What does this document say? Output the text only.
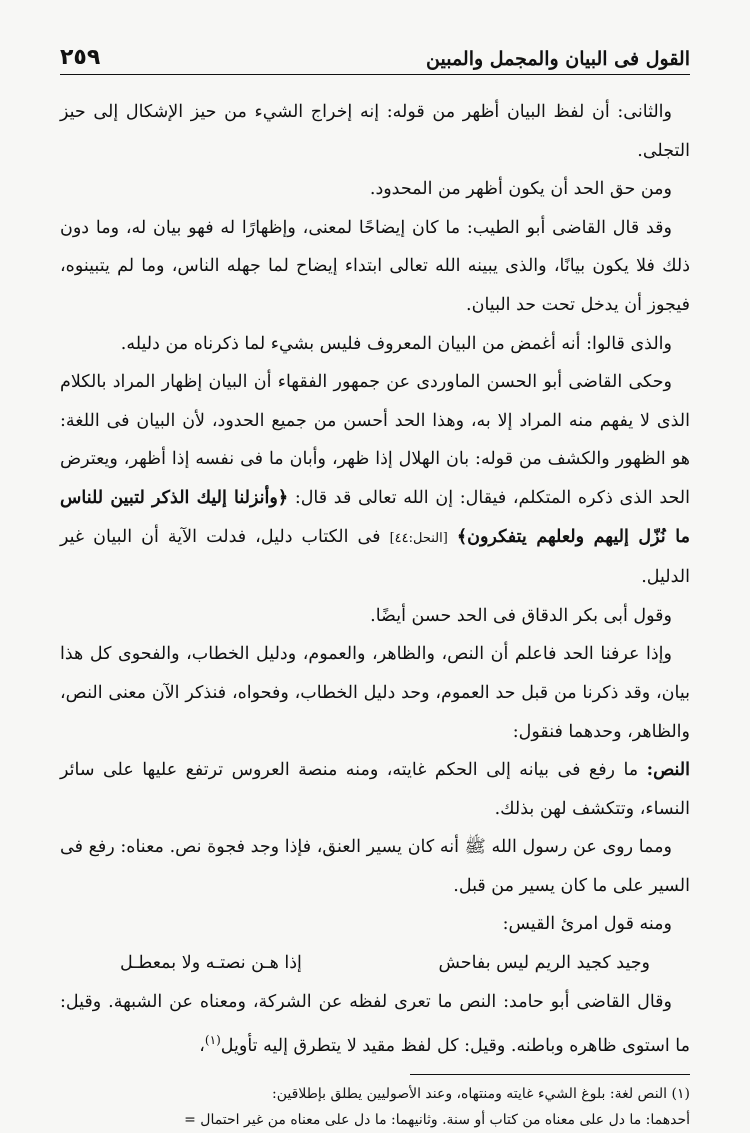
القول فى البيان والمجمل والمبين
٢٥٩

والثانى: أن لفظ البيان أظهر من قوله: إنه إخراج الشيء من حيز الإشكال إلى حيز التجلى.

ومن حق الحد أن يكون أظهر من المحدود.

وقد قال القاضى أبو الطيب: ما كان إيضاحًا لمعنى، وإظهارًا له فهو بيان له، وما دون ذلك فلا يكون بيانًا، والذى يبينه الله تعالى ابتداء إيضاح لما جهله الناس، وما لم يتبينوه، فيجوز أن يدخل تحت حد البيان.

والذى قالوا: أنه أغمض من البيان المعروف فليس بشيء لما ذكرناه من دليله.

وحكى القاضى أبو الحسن الماوردى عن جمهور الفقهاء أن البيان إظهار المراد بالكلام الذى لا يفهم منه المراد إلا به، وهذا الحد أحسن من جميع الحدود، لأن البيان فى اللغة: هو الظهور والكشف من قوله: بان الهلال إذا ظهر، وأبان ما فى نفسه إذا أظهر، ويعترض الحد الذى ذكره المتكلم، فيقال: إن الله تعالى قد قال: ﴿وأنزلنا إليك الذكر لتبين للناس ما نُزّل إليهم ولعلهم يتفكرون﴾ [النحل:٤٤] فى الكتاب دليل، فدلت الآية أن البيان غير الدليل.

وقول أبى بكر الدقاق فى الحد حسن أيضًا.

وإذا عرفنا الحد فاعلم أن النص، والظاهر، والعموم، ودليل الخطاب، والفحوى كل هذا بيان، وقد ذكرنا من قبل حد العموم، وحد دليل الخطاب، وفحواه، فنذكر الآن معنى النص، والظاهر، وحدهما فنقول:

النص: ما رفع فى بيانه إلى الحكم غايته، ومنه منصة العروس ترتفع عليها على سائر النساء، وتتكشف لهن بذلك.

ومما روى عن رسول الله ﷺ أنه كان يسير العنق، فإذا وجد فجوة نص. معناه: رفع فى السير على ما كان يسير من قبل.

ومنه قول امرئ القيس:

وجيد كجيد الريم ليس بفاحش
إذا هـن نصتـه ولا بمعطـل

وقال القاضى أبو حامد: النص ما تعرى لفظه عن الشركة، ومعناه عن الشبهة. وقيل: ما استوى ظاهره وباطنه. وقيل: كل لفظ مقيد لا يتطرق إليه تأويل$^{(١)}$،

(١) النص لغة: بلوغ الشيء غايته ومنتهاه، وعند الأصوليين يطلق بإطلاقين:

أحدهما: ما دل على معناه من كتاب أو سنة. وثانيهما: ما دل على معناه من غير احتمال =
